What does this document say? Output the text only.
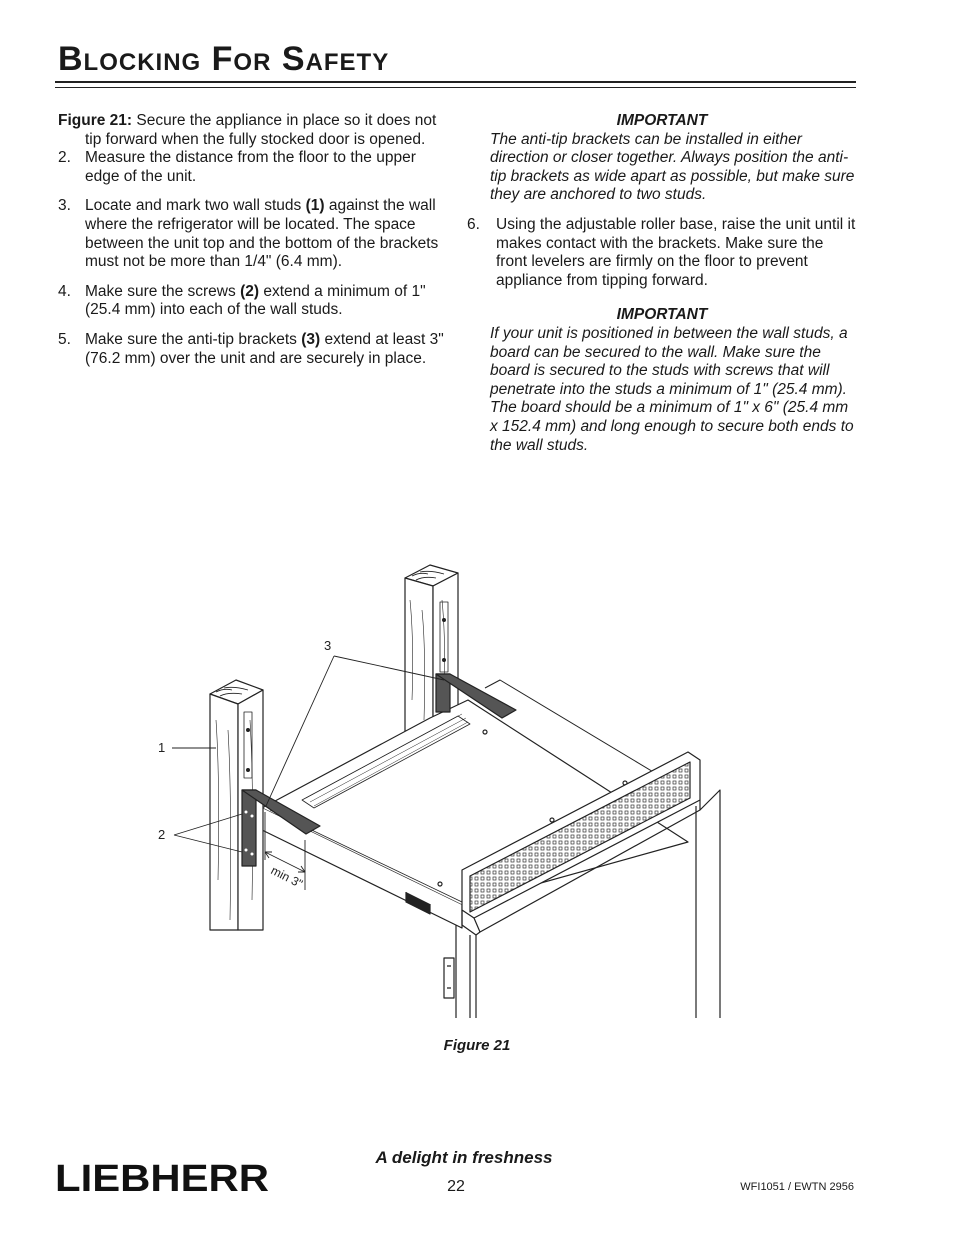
Blocking For Safety

Figure 21: Secure the appliance in place so it does not tip forward when the fully stocked door is opened.

2. Measure the distance from the floor to the upper edge of the unit.
3. Locate and mark two wall studs (1) against the wall where the refrigerator will be located. The space between the unit top and the bottom of the brackets must not be more than 1/4" (6.4 mm).
4. Make sure the screws (2) extend a minimum of 1" (25.4 mm) into each of the wall studs.
5. Make sure the anti-tip brackets (3) extend at least 3" (76.2 mm) over the unit and are securely in place.

IMPORTANT

The anti-tip brackets can be installed in either direction or closer together. Always position the anti-tip brackets as wide apart as possible, but make sure they are anchored to two studs.

6.	Using the adjustable roller base, raise the unit until it makes contact with the brackets. Make sure the front levelers are firmly on the floor to prevent appliance from tipping forward.

IMPORTANT

If your unit is positioned in between the wall studs, a board can be secured to the wall. Make sure the board is secured to the studs with screws that will penetrate into the studs a minimum of 1" (25.4 mm). The board should be a minimum of 1" x 6" (25.4 mm x 152.4 mm) and long enough to secure both ends to the wall studs.

1
2
3
min 3"
Figure 21
A delight in freshness
LIEBHERR	22	WFI1051 / EWTN 2956
